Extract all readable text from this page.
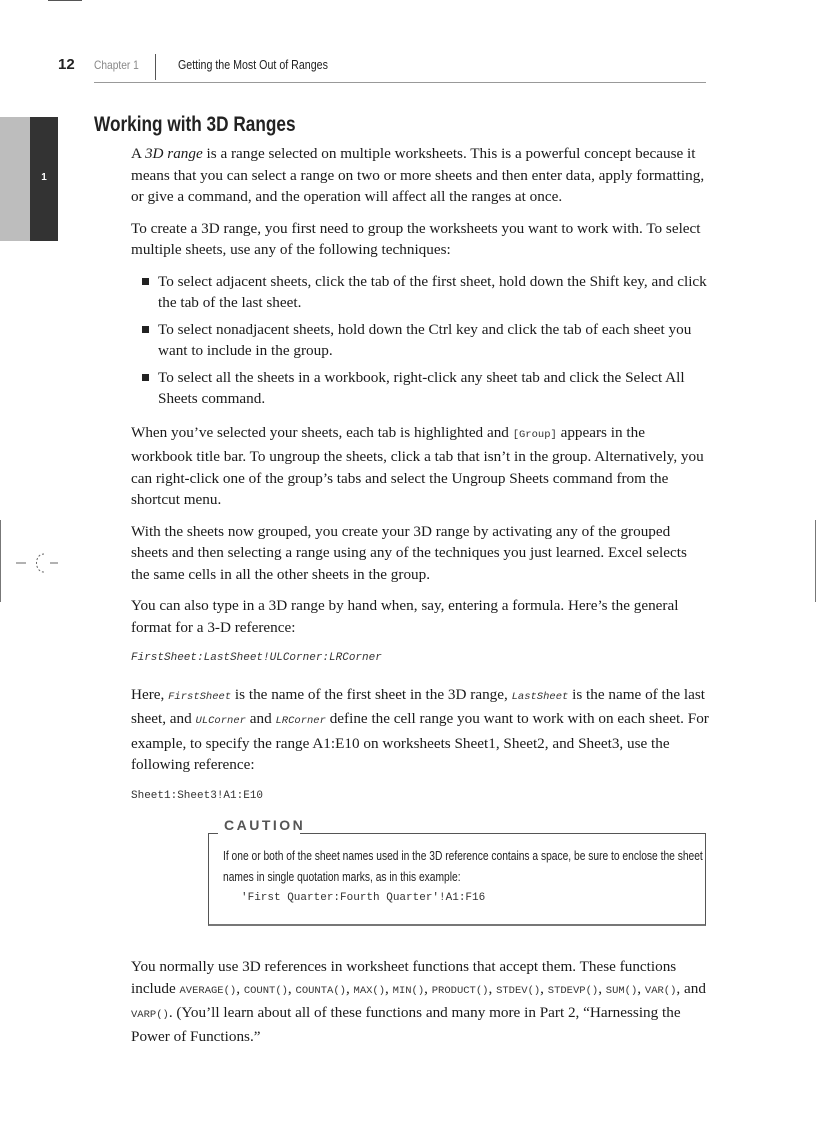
12 Chapter 1	Getting the Most Out of Ranges
1
Working with 3D Ranges

A 3D range is a range selected on multiple worksheets. This is a powerful concept because it means that you can select a range on two or more sheets and then enter data, apply formatting, or give a command, and the operation will affect all the ranges at once.

To create a 3D range, you first need to group the worksheets you want to work with. To select multiple sheets, use any of the following techniques:

To select adjacent sheets, click the tab of the first sheet, hold down the Shift key, and click the tab of the last sheet.
To select nonadjacent sheets, hold down the Ctrl key and click the tab of each sheet you want to include in the group.
To select all the sheets in a workbook, right-click any sheet tab and click the Select All Sheets command.

When you’ve selected your sheets, each tab is highlighted and [Group] appears in the workbook title bar. To ungroup the sheets, click a tab that isn’t in the group. Alternatively, you can right-click one of the group’s tabs and select the Ungroup Sheets command from the shortcut menu.

With the sheets now grouped, you create your 3D range by activating any of the grouped sheets and then selecting a range using any of the techniques you just learned. Excel selects the same cells in all the other sheets in the group.

You can also type in a 3D range by hand when, say, entering a formula. Here’s the general format for a 3-D reference:

FirstSheet:LastSheet!ULCorner:LRCorner

Here, FirstSheet is the name of the first sheet in the 3D range, LastSheet is the name of the last sheet, and ULCorner and LRCorner define the cell range you want to work with on each sheet. For example, to specify the range A1:E10 on worksheets Sheet1, Sheet2, and Sheet3, use the following reference:

Sheet1:Sheet3!A1:E10
CAUTION
If one or both of the sheet names used in the 3D reference contains a space, be sure to enclose the sheet names in single quotation marks, as in this example:
'First Quarter:Fourth Quarter'!A1:F16

You normally use 3D references in worksheet functions that accept them. These functions include AVERAGE(), COUNT(), COUNTA(), MAX(), MIN(), PRODUCT(), STDEV(), STDEVP(), SUM(), VAR(), and VARP(). (You’ll learn about all of these functions and many more in Part 2, “Harnessing the Power of Functions.”
